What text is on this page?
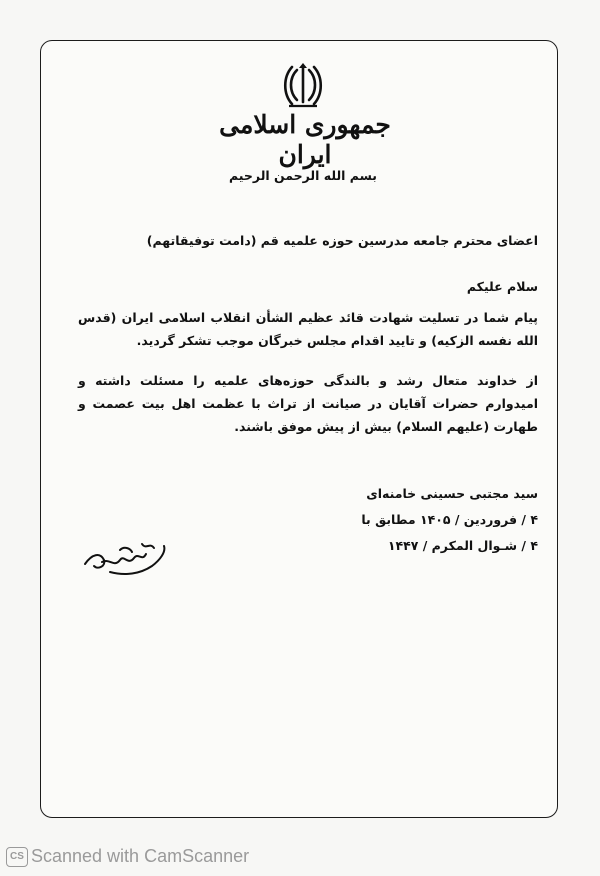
جمهوری اسلامی ایران
بسم الله الرحمن الرحیم
اعضای محترم جامعه مدرسین حوزه علمیه قم (دامت توفیقاتهم)
سلام علیکم
پیام شما در تسلیت شهادت قائد عظیم الشأن انقلاب اسلامی ایران (قدس الله نفسه الزکیه) و تایید اقدام مجلس خبرگان موجب تشکر گردید.
از خداوند متعال رشد و بالندگی حوزه‌های علمیه را مسئلت داشته و امیدوارم حضرات آقایان در صیانت از تراث با عظمت اهل بیت عصمت و طهارت (علیهم السلام) بیش از پیش موفق باشند.
سید مجتبی حسینی خامنه‌ای
۴ / فروردین / ۱۴۰۵ مطابق با
۴ / شـوال المکرم / ۱۴۴۷
CS Scanned with CamScanner
